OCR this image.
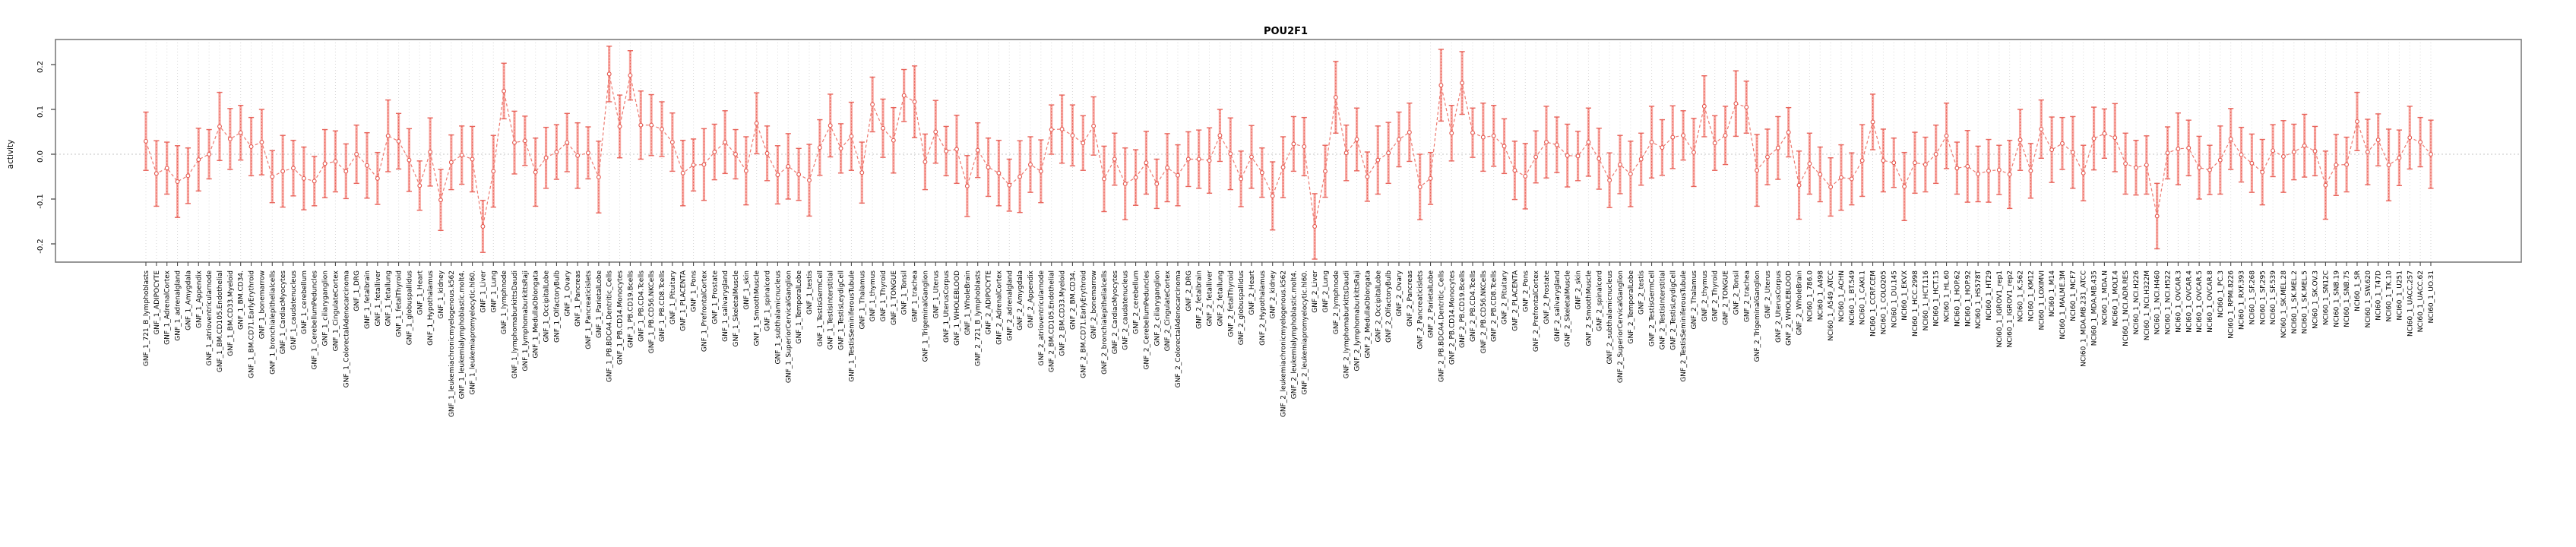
POU2F1
activity
0.2
0.1
0.0
-0.1
-0.2
GNF_1_721_B_lymphoblasts GNF_1_ADIPOCYTE GNF_1_AdrenalCortex GNF_1_adrenalgland GNF_1_Amygdala GNF_1_Appendix GNF_1_atrioventricularnode GNF_1_BM.CD105.Endothelial GNF_1_BM.CD33.Myeloid GNF_1_BM.CD34. GNF_1_BM.CD71.EarlyErythroid GNF_1_bonemarrow GNF_1_bronchialepithelialcells GNF_1_CardiacMyocytes GNF_1_caudatenucleus GNF_1_cerebellum GNF_1_CerebellumPeduncles GNF_1_ciliaryganglion GNF_1_CingulateCortex GNF_1_ColorectalAdenocarcinoma GNF_1_DRG GNF_1_fetalbrain GNF_1_fetalliver GNF_1_fetallung GNF_1_fetalThyroid GNF_1_globuspallidus GNF_1_Heart GNF_1_Hypothalamus GNF_1_kidney GNF_1_leukemiachronicmyelogenous.k562 GNF_1_leukemialymphoblastic.molt4. GNF_1_leukemiapromyelocytic.hl60. GNF_1_Liver GNF_1_Lung GNF_1_lymphnode GNF_1_lymphomaburkittsDaudi GNF_1_lymphomaburkittsRaji GNF_1_MedullaOblongata GNF_1_OccipitalLobe GNF_1_OlfactoryBulb GNF_1_Ovary GNF_1_Pancreas GNF_1_Pancreaticislets GNF_1_ParietalLobe GNF_1_PB.BDCA4.Dentritic_Cells GNF_1_PB.CD14.Monocytes GNF_1_PB.CD19.Bcells GNF_1_PB.CD4.Tcells GNF_1_PB.CD56.NKCells GNF_1_PB.CD8.Tcells GNF_1_Pituitary GNF_1_PLACENTA GNF_1_Pons GNF_1_PrefrontalCortex GNF_1_Prostate GNF_1_salivarygland GNF_1_SkeletalMuscle GNF_1_skin GNF_1_SmoothMuscle GNF_1_spinalcord GNF_1_subthalamicnucleus GNF_1_SuperiorCervicalGanglion GNF_1_TemporalLobe GNF_1_testis GNF_1_TestisGermCell GNF_1_TestisInterstitial GNF_1_TestisLeydigCell GNF_1_TestisSeminiferousTubule GNF_1_Thalamus GNF_1_thymus GNF_1_Thyroid GNF_1_TONGUE GNF_1_Tonsil GNF_1_trachea GNF_1_TrigeminalGanglion GNF_1_Uterus GNF_1_UterusCorpus GNF_1_WHOLEBLOOD GNF_1_WholeBrain GNF_2_721_B_lymphoblasts GNF_2_ADIPOCYTE GNF_2_AdrenalCortex GNF_2_adrenalgland GNF_2_Amygdala GNF_2_Appendix GNF_2_atrioventricularnode GNF_2_BM.CD105.Endothelial GNF_2_BM.CD33.Myeloid GNF_2_BM.CD34. GNF_2_BM.CD71.EarlyErythroid GNF_2_bonemarrow GNF_2_bronchialepithelialcells GNF_2_CardiacMyocytes GNF_2_caudatenucleus GNF_2_cerebellum GNF_2_CerebellumPeduncles GNF_2_ciliaryganglion GNF_2_CingulateCortex GNF_2_ColorectalAdenocarcinoma GNF_2_DRG GNF_2_fetalbrain GNF_2_fetalliver GNF_2_fetallung GNF_2_fetalThyroid GNF_2_globuspallidus GNF_2_Heart GNF_2_Hypothalamus GNF_2_kidney GNF_2_leukemiachronicmyelogenous.k562 GNF_2_leukemialymphoblastic.molt4. GNF_2_leukemiapromyelocytic.hl60. GNF_2_Liver GNF_2_Lung GNF_2_lymphnode GNF_2_lymphomaburkittsDaudi GNF_2_lymphomaburkittsRaji GNF_2_MedullaOblongata GNF_2_OccipitalLobe GNF_2_OlfactoryBulb GNF_2_Ovary GNF_2_Pancreas GNF_2_Pancreaticislets GNF_2_ParietalLobe GNF_2_PB.BDCA4.Dentritic_Cells GNF_2_PB.CD14.Monocytes GNF_2_PB.CD19.Bcells GNF_2_PB.CD4.Tcells GNF_2_PB.CD56.NKCells GNF_2_PB.CD8.Tcells GNF_2_Pituitary GNF_2_PLACENTA GNF_2_Pons GNF_2_PrefrontalCortex GNF_2_Prostate GNF_2_salivarygland GNF_2_SkeletalMuscle GNF_2_skin GNF_2_SmoothMuscle GNF_2_spinalcord GNF_2_subthalamicnucleus GNF_2_SuperiorCervicalGanglion GNF_2_TemporalLobe GNF_2_testis GNF_2_TestisGermCell GNF_2_TestisInterstitial GNF_2_TestisLeydigCell GNF_2_TestisSeminiferousTubule GNF_2_Thalamus GNF_2_thymus GNF_2_Thyroid GNF_2_TONGUE GNF_2_Tonsil GNF_2_trachea GNF_2_TrigeminalGanglion GNF_2_Uterus GNF_2_UterusCorpus GNF_2_WHOLEBLOOD GNF_2_WholeBrain NCI60_1_786.0 NCI60_1_A498 NCI60_1_A549_ATCC NCI60_1_ACHN NCI60_1_BT.549 NCI60_1_CAKI.1 NCI60_1_CCRF.CEM NCI60_1_COLO205 NCI60_1_DU.145 NCI60_1_EKVX NCI60_1_HCC.2998 NCI60_1_HCT.116 NCI60_1_HCT.15 NCI60_1_HL.60 NCI60_1_HOP.62 NCI60_1_HOP.92 NCI60_1_HS578T NCI60_1_HT29 NCI60_1_IGROV1_rep1 NCI60_1_IGROV1_rep2 NCI60_1_K.562 NCI60_1_KM12 NCI60_1_LOXIMVI NCI60_1_M14 NCI60_1_MALME.3M NCI60_1_MCF7 NCI60_1_MDA.MB.231_ATCC NCI60_1_MDA.MB.435 NCI60_1_MDA.N NCI60_1_MOLT.4 NCI60_1_NCI.ADR.RES NCI60_1_NCI.H226 NCI60_1_NCI.H322M NCI60_1_NCI.H460 NCI60_1_NCI.H522 NCI60_1_OVCAR.3 NCI60_1_OVCAR.4 NCI60_1_OVCAR.5 NCI60_1_OVCAR.8 NCI60_1_PC.3 NCI60_1_RPMI.8226 NCI60_1_RXF.393 NCI60_1_SF.268 NCI60_1_SF.295 NCI60_1_SF.539 NCI60_1_SK.MEL.28 NCI60_1_SK.MEL.2 NCI60_1_SK.MEL.5 NCI60_1_SK.OV.3 NCI60_1_SN12C NCI60_1_SNB.19 NCI60_1_SNB.75 NCI60_1_SR NCI60_1_SW.620 NCI60_1_T47D NCI60_1_TK.10 NCI60_1_U251 NCI60_1_UACC.257 NCI60_1_UACC.62 NCI60_1_UO.31
